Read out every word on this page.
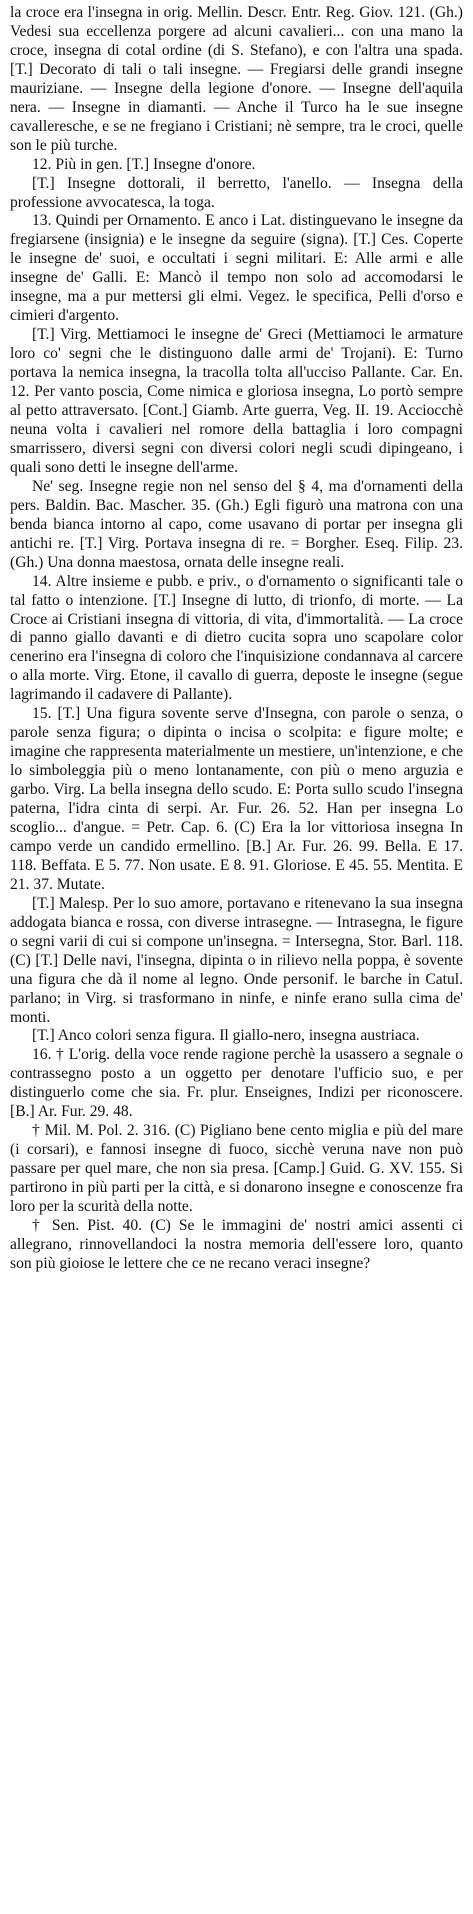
la croce era l'insegna in orig. Mellin. Descr. Entr. Reg. Giov. 121. (Gh.) Vedesi sua eccellenza porgere ad alcuni cavalieri... con una mano la croce, insegna di cotal ordine (di S. Stefano), e con l'altra una spada. [T.] Decorato di tali o tali insegne. — Fregiarsi delle grandi insegne mauriziane. — Insegne della legione d'onore. — Insegne dell'aquila nera. — Insegne in diamanti. — Anche il Turco ha le sue insegne cavalleresche, e se ne fregiano i Cristiani; nè sempre, tra le croci, quelle son le più turche.

12. Più in gen. [T.] Insegne d'onore.

[T.] Insegne dottorali, il berretto, l'anello. — Insegna della professione avvocatesca, la toga.

13. Quindi per Ornamento. E anco i Lat. distinguevano le insegne da fregiarsene (insignia) e le insegne da seguire (signa). [T.] Ces. Coperte le insegne de' suoi, e occultati i segni militari. E: Alle armi e alle insegne de' Galli. E: Mancò il tempo non solo ad accomodarsi le insegne, ma a pur mettersi gli elmi. Vegez. le specifica, Pelli d'orso e cimieri d'argento.

[T.] Virg. Mettiamoci le insegne de' Greci (Mettiamoci le armature loro co' segni che le distinguono dalle armi de' Trojani). E: Turno portava la nemica insegna, la tracolla tolta all'ucciso Pallante. Car. En. 12. Per vanto poscia, Come nimica e gloriosa insegna, Lo portò sempre al petto attraversato. [Cont.] Giamb. Arte guerra, Veg. II. 19. Acciocchè neuna volta i cavalieri nel romore della battaglia i loro compagni smarrissero, diversi segni con diversi colori negli scudi dipingeano, i quali sono detti le insegne dell'arme.

Ne' seg. Insegne regie non nel senso del § 4, ma d'ornamenti della pers. Baldin. Bac. Mascher. 35. (Gh.) Egli figurò una matrona con una benda bianca intorno al capo, come usavano di portar per insegna gli antichi re. [T.] Virg. Portava insegna di re. = Borgher. Eseq. Filip. 23. (Gh.) Una donna maestosa, ornata delle insegne reali.

14. Altre insieme e pubb. e priv., o d'ornamento o significanti tale o tal fatto o intenzione. [T.] Insegne di lutto, di trionfo, di morte. — La Croce ai Cristiani insegna di vittoria, di vita, d'immortalità. — La croce di panno giallo davanti e di dietro cucita sopra uno scapolare color cenerino era l'insegna di coloro che l'inquisizione condannava al carcere o alla morte. Virg. Etone, il cavallo di guerra, deposte le insegne (segue lagrimando il cadavere di Pallante).

15. [T.] Una figura sovente serve d'Insegna, con parole o senza, o parole senza figura; o dipinta o incisa o scolpita: e figure molte; e imagine che rappresenta materialmente un mestiere, un'intenzione, e che lo simboleggia più o meno lontanamente, con più o meno arguzia e garbo. Virg. La bella insegna dello scudo. E: Porta sullo scudo l'insegna paterna, l'idra cinta di serpi. Ar. Fur. 26. 52. Han per insegna Lo scoglio... d'angue. = Petr. Cap. 6. (C) Era la lor vittoriosa insegna In campo verde un candido ermellino. [B.] Ar. Fur. 26. 99. Bella. E 17. 118. Beffata. E 5. 77. Non usate. E 8. 91. Gloriose. E 45. 55. Mentita. E 21. 37. Mutate.

[T.] Malesp. Per lo suo amore, portavano e ritenevano la sua insegna addogata bianca e rossa, con diverse intrasegne. — Intrasegna, le figure o segni varii di cui si compone un'insegna. = Intersegna, Stor. Barl. 118. (C) [T.] Delle navi, l'insegna, dipinta o in rilievo nella poppa, è sovente una figura che dà il nome al legno. Onde personif. le barche in Catul. parlano; in Virg. si trasformano in ninfe, e ninfe erano sulla cima de' monti.

[T.] Anco colori senza figura. Il giallo-nero, insegna austriaca.

16. † L'orig. della voce rende ragione perchè la usassero a segnale o contrassegno posto a un oggetto per denotare l'ufficio suo, e per distinguerlo come che sia. Fr. plur. Enseignes, Indizi per riconoscere. [B.] Ar. Fur. 29. 48.

† Mil. M. Pol. 2. 316. (C) Pigliano bene cento miglia e più del mare (i corsari), e fannosi insegne di fuoco, sicchè veruna nave non può passare per quel mare, che non sia presa. [Camp.] Guid. G. XV. 155. Si partirono in più parti per la città, e si donarono insegne e conoscenze fra loro per la scurità della notte.

† Sen. Pist. 40. (C) Se le immagini de' nostri amici assenti ci allegrano, rinnovellandoci la nostra memoria dell'essere loro, quanto son più gioiose le lettere che ce ne recano veraci insegne?
